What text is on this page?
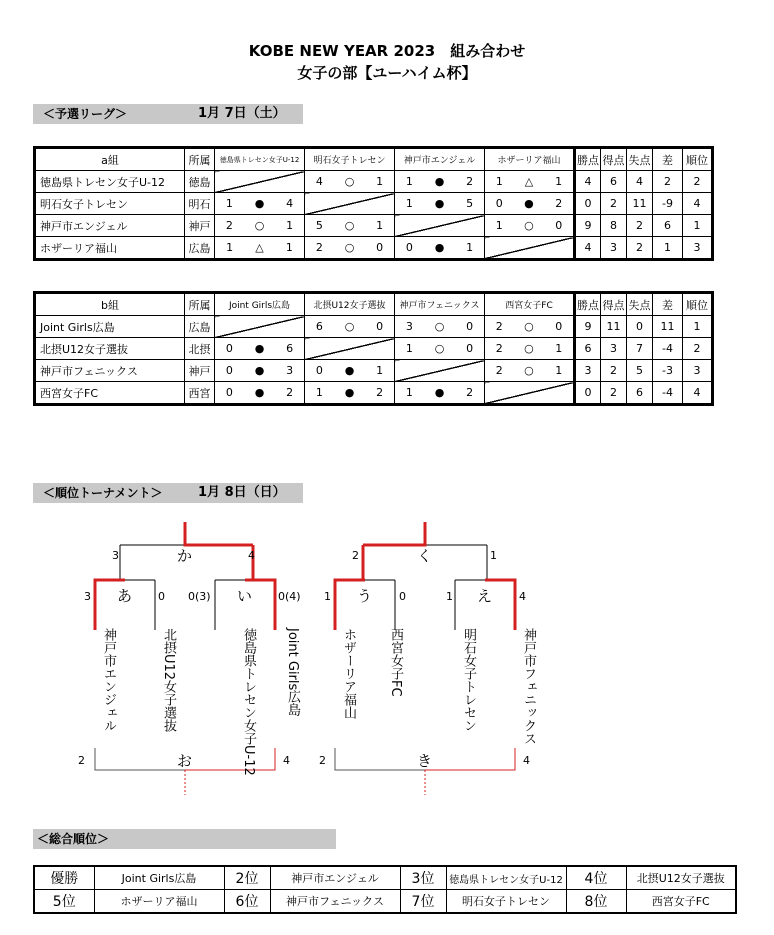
KOBE NEW YEAR 2023　組み合わせ
女子の部【ユーハイム杯】
＜予選リーグ＞	1月 7日（土）
a組	所属	徳島県トレセン女子U-12	明石女子トレセン	神戸市エンジェル	ホザーリア福山	勝点	得点	失点	差	順位
徳島県トレセン女子U-12	徳島		4 ○ 1	1 ● 2	1 △ 1	4	6	4	2	2
明石女子トレセン	明石	1 ● 4		1 ● 5	0 ● 2	0	2	11	-9	4
神戸市エンジェル	神戸	2 ○ 1	5 ○ 1		1 ○ 0	9	8	2	6	1
ホザーリア福山	広島	1 △ 1	2 ○ 0	0 ● 1		4	3	2	1	3
b組	所属	Joint Girls広島	北摂U12女子選抜	神戸市フェニックス	西宮女子FC	勝点	得点	失点	差	順位
Joint Girls広島	広島		6 ○ 0	3 ○ 0	2 ○ 0	9	11	0	11	1
北摂U12女子選抜	北摂	0 ● 6		1 ○ 0	2 ○ 1	6	3	7	-4	2
神戸市フェニックス	神戸	0 ● 3	0 ● 1		2 ○ 1	3	2	5	-3	3
西宮女子FC	西宮	0 ● 2	1 ● 2	1 ● 2		0	2	6	-4	4
＜順位トーナメント＞	1月 8日（日）
か	く
あ	い	う	え
お	き
3	4	2	1
3	0 0(3)	0(4) 1	0	1	4
2	4	2	4
神戸市エンジェル	北摂U12女子選抜	徳島県トレセン女子U-12	Joint Girls広島	ホザーリア福山 西宮女子FC	明石女子トレセン	神戸市フェニックス
＜総合順位＞
優勝	Joint Girls広島	2位	神戸市エンジェル	3位	徳島県トレセン女子U-12	4位	北摂U12女子選抜
5位	ホザーリア福山	6位	神戸市フェニックス	7位	明石女子トレセン	8位	西宮女子FC
